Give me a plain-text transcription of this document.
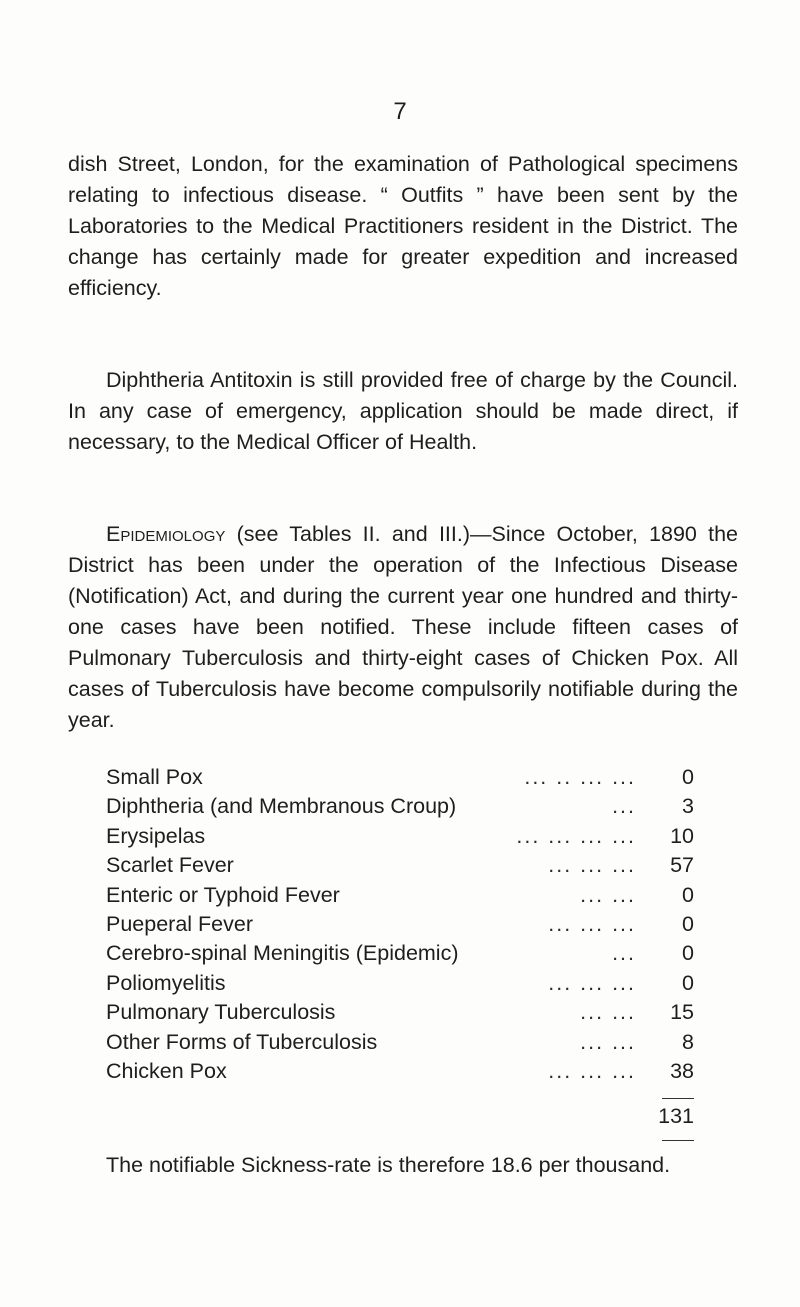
7

dish Street, London, for the examination of Pathological specimens relating to infectious disease. “ Outfits ” have been sent by the Laboratories to the Medical Practitioners resident in the District. The change has certainly made for greater expedition and increased efficiency.

Diphtheria Antitoxin is still provided free of charge by the Council. In any case of emergency, application should be made direct, if necessary, to the Medical Officer of Health.

Epidemiology (see Tables II. and III.)—Since October, 1890 the District has been under the operation of the Infectious Disease (Notification) Act, and during the current year one hundred and thirty-one cases have been notified. These include fifteen cases of Pulmonary Tuberculosis and thirty-eight cases of Chicken Pox. All cases of Tuberculosis have become compulsorily notifiable during the year.

Small Pox	... .. ... ...	0
Diphtheria (and Membranous Croup)	...	3
Erysipelas	... ... ... ...	10
Scarlet Fever	... ... ...	57
Enteric or Typhoid Fever	... ...	0
Pueperal Fever	... ... ...	0
Cerebro-spinal Meningitis (Epidemic)	...	0
Poliomyelitis	... ... ...	0
Pulmonary Tuberculosis	... ...	15
Other Forms of Tuberculosis	... ...	8
Chicken Pox	... ... ...	38
131
The notifiable Sickness-rate is therefore 18.6 per thousand.
